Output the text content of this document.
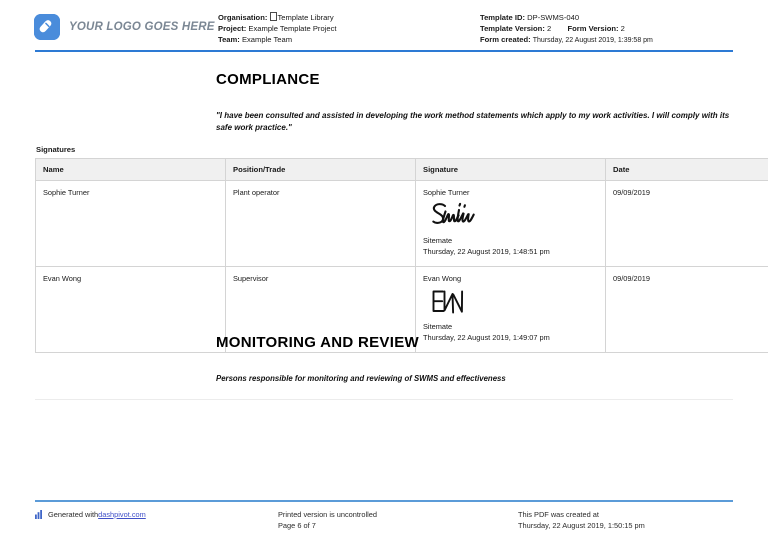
YOUR LOGO GOES HERE
Organisation: Template Library
Project: Example Template Project
Team: Example Team
Template ID: DP-SWMS-040
Template Version: 2 Form Version: 2
Form created: Thursday, 22 August 2019, 1:39:58 pm
COMPLIANCE
"I have been consulted and assisted in developing the work method statements which apply to my work activities. I will comply with its safe work practice."
Signatures
Name	Position/Trade	Signature	Date
Sophie Turner	Plant operator	Sophie Turner
Sitemate
Thursday, 22 August 2019, 1:48:51 pm	09/09/2019
Evan Wong	Supervisor	Evan Wong
Sitemate
Thursday, 22 August 2019, 1:49:07 pm	09/09/2019
MONITORING AND REVIEW
Persons responsible for monitoring and reviewing of SWMS and effectiveness
Generated with dashpivot.com	Printed version is uncontrolled
Page 6 of 7
This PDF was created at
Thursday, 22 August 2019, 1:50:15 pm
